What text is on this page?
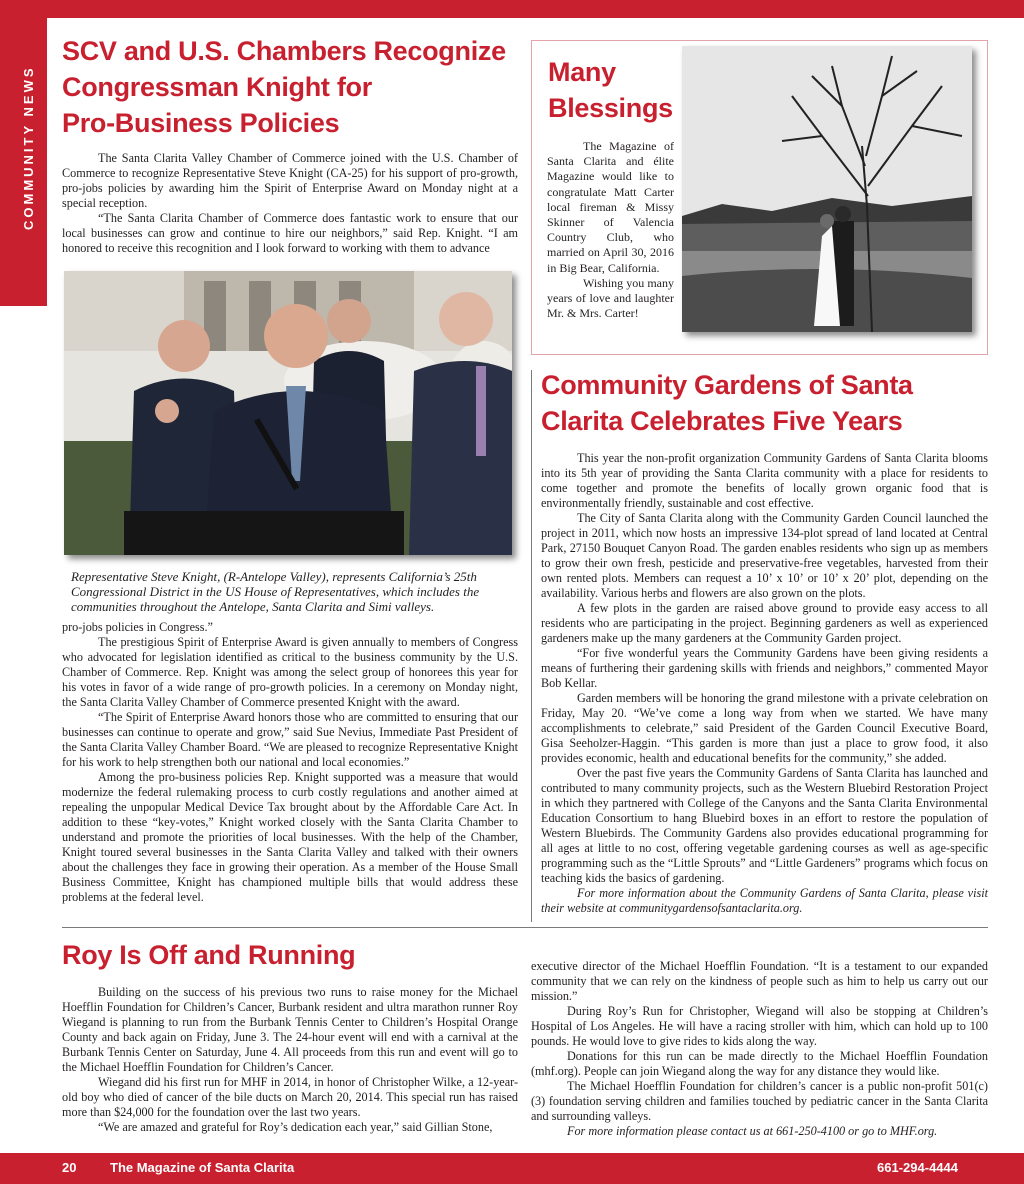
COMMUNITY NEWS
SCV and U.S. Chambers Recognize
Congressman Knight for
Pro-Business Policies

The Santa Clarita Valley Chamber of Commerce joined with the U.S. Chamber of Commerce to recognize Representative Steve Knight (CA-25) for his support of pro-growth, pro-jobs policies by awarding him the Spirit of Enterprise Award on Monday night at a special reception.

“The Santa Clarita Chamber of Commerce does fantastic work to ensure that our local businesses can grow and continue to hire our neighbors,” said Rep. Knight. “I am honored to receive this recognition and I look forward to working with them to advance

Representative Steve Knight, (R-Antelope Valley), represents California’s 25th Congressional District in the US House of Representatives, which includes the communities throughout the Antelope, Santa Clarita and Simi valleys.

pro-jobs policies in Congress.”

The prestigious Spirit of Enterprise Award is given annually to members of Congress who advocated for legislation identified as critical to the business community by the U.S. Chamber of Commerce. Rep. Knight was among the select group of honorees this year for his votes in favor of a wide range of pro-growth policies. In a ceremony on Monday night, the Santa Clarita Valley Chamber of Commerce presented Knight with the award.

“The Spirit of Enterprise Award honors those who are committed to ensuring that our businesses can continue to operate and grow,” said Sue Nevius, Immediate Past President of the Santa Clarita Valley Chamber Board. “We are pleased to recognize Representative Knight for his work to help strengthen both our national and local economies.”

Among the pro-business policies Rep. Knight supported was a measure that would modernize the federal rulemaking process to curb costly regulations and another aimed at repealing the unpopular Medical Device Tax brought about by the Affordable Care Act. In addition to these “key-votes,” Knight worked closely with the Santa Clarita Chamber to understand and promote the priorities of local businesses. With the help of the Chamber, Knight toured several businesses in the Santa Clarita Valley and talked with their owners about the challenges they face in growing their operation. As a member of the House Small Business Committee, Knight has championed multiple bills that would address these problems at the federal level.

Many
Blessings

The Magazine of Santa Clarita and élite Magazine would like to congratulate Matt Carter local fireman & Missy Skinner of Valencia Country Club, who married on April 30, 2016 in Big Bear, California.

Wishing you many years of love and laughter Mr. & Mrs. Carter!

Community Gardens of Santa
Clarita Celebrates Five Years

This year the non-profit organization Community Gardens of Santa Clarita blooms into its 5th year of providing the Santa Clarita community with a place for residents to come together and promote the benefits of locally grown organic food that is environmentally friendly, sustainable and cost effective.

The City of Santa Clarita along with the Community Garden Council launched the project in 2011, which now hosts an impressive 134-plot spread of land located at Central Park, 27150 Bouquet Canyon Road. The garden enables residents who sign up as members to grow their own fresh, pesticide and preservative-free vegetables, harvested from their own rented plots. Members can request a 10’ x 10’ or 10’ x 20’ plot, depending on the availability. Various herbs and flowers are also grown on the plots.

A few plots in the garden are raised above ground to provide easy access to all residents who are participating in the project. Beginning gardeners as well as experienced gardeners make up the many gardeners at the Community Garden project.

“For five wonderful years the Community Gardens have been giving residents a means of furthering their gardening skills with friends and neighbors,” commented Mayor Bob Kellar.

Garden members will be honoring the grand milestone with a private celebration on Friday, May 20. “We’ve come a long way from when we started. We have many accomplishments to celebrate,” said President of the Garden Council Executive Board, Gisa Seeholzer-Haggin. “This garden is more than just a place to grow food, it also provides economic, health and educational benefits for the community,” she added.

Over the past five years the Community Gardens of Santa Clarita has launched and contributed to many community projects, such as the Western Bluebird Restoration Project in which they partnered with College of the Canyons and the Santa Clarita Environmental Education Consortium to hang Bluebird boxes in an effort to restore the population of Western Bluebirds. The Community Gardens also provides educational programming for all ages at little to no cost, offering vegetable gardening courses as well as age-specific programming such as the “Little Sprouts” and “Little Gardeners” programs which focus on teaching kids the basics of gardening.

For more information about the Community Gardens of Santa Clarita, please visit their website at communitygardensofsantaclarita.org.

Roy Is Off and Running

Building on the success of his previous two runs to raise money for the Michael Hoefflin Foundation for Children’s Cancer, Burbank resident and ultra marathon runner Roy Wiegand is planning to run from the Burbank Tennis Center to Children’s Hospital Orange County and back again on Friday, June 3. The 24-hour event will end with a carnival at the Burbank Tennis Center on Saturday, June 4. All proceeds from this run and event will go to the Michael Hoefflin Foundation for Children’s Cancer.

Wiegand did his first run for MHF in 2014, in honor of Christopher Wilke, a 12-year-old boy who died of cancer of the bile ducts on March 20, 2014. This special run has raised more than $24,000 for the foundation over the last two years.

“We are amazed and grateful for Roy’s dedication each year,” said Gillian Stone,

executive director of the Michael Hoefflin Foundation. “It is a testament to our expanded community that we can rely on the kindness of people such as him to help us carry out our mission.”

During Roy’s Run for Christopher, Wiegand will also be stopping at Children’s Hospital of Los Angeles. He will have a racing stroller with him, which can hold up to 100 pounds. He would love to give rides to kids along the way.

Donations for this run can be made directly to the Michael Hoefflin Foundation (mhf.org). People can join Wiegand along the way for any distance they would like.

The Michael Hoefflin Foundation for children’s cancer is a public non-profit 501(c)(3) foundation serving children and families touched by pediatric cancer in the Santa Clarita and surrounding valleys.

For more information please contact us at 661-250-4100 or go to MHF.org.

20	The Magazine of Santa Clarita	661-294-4444
